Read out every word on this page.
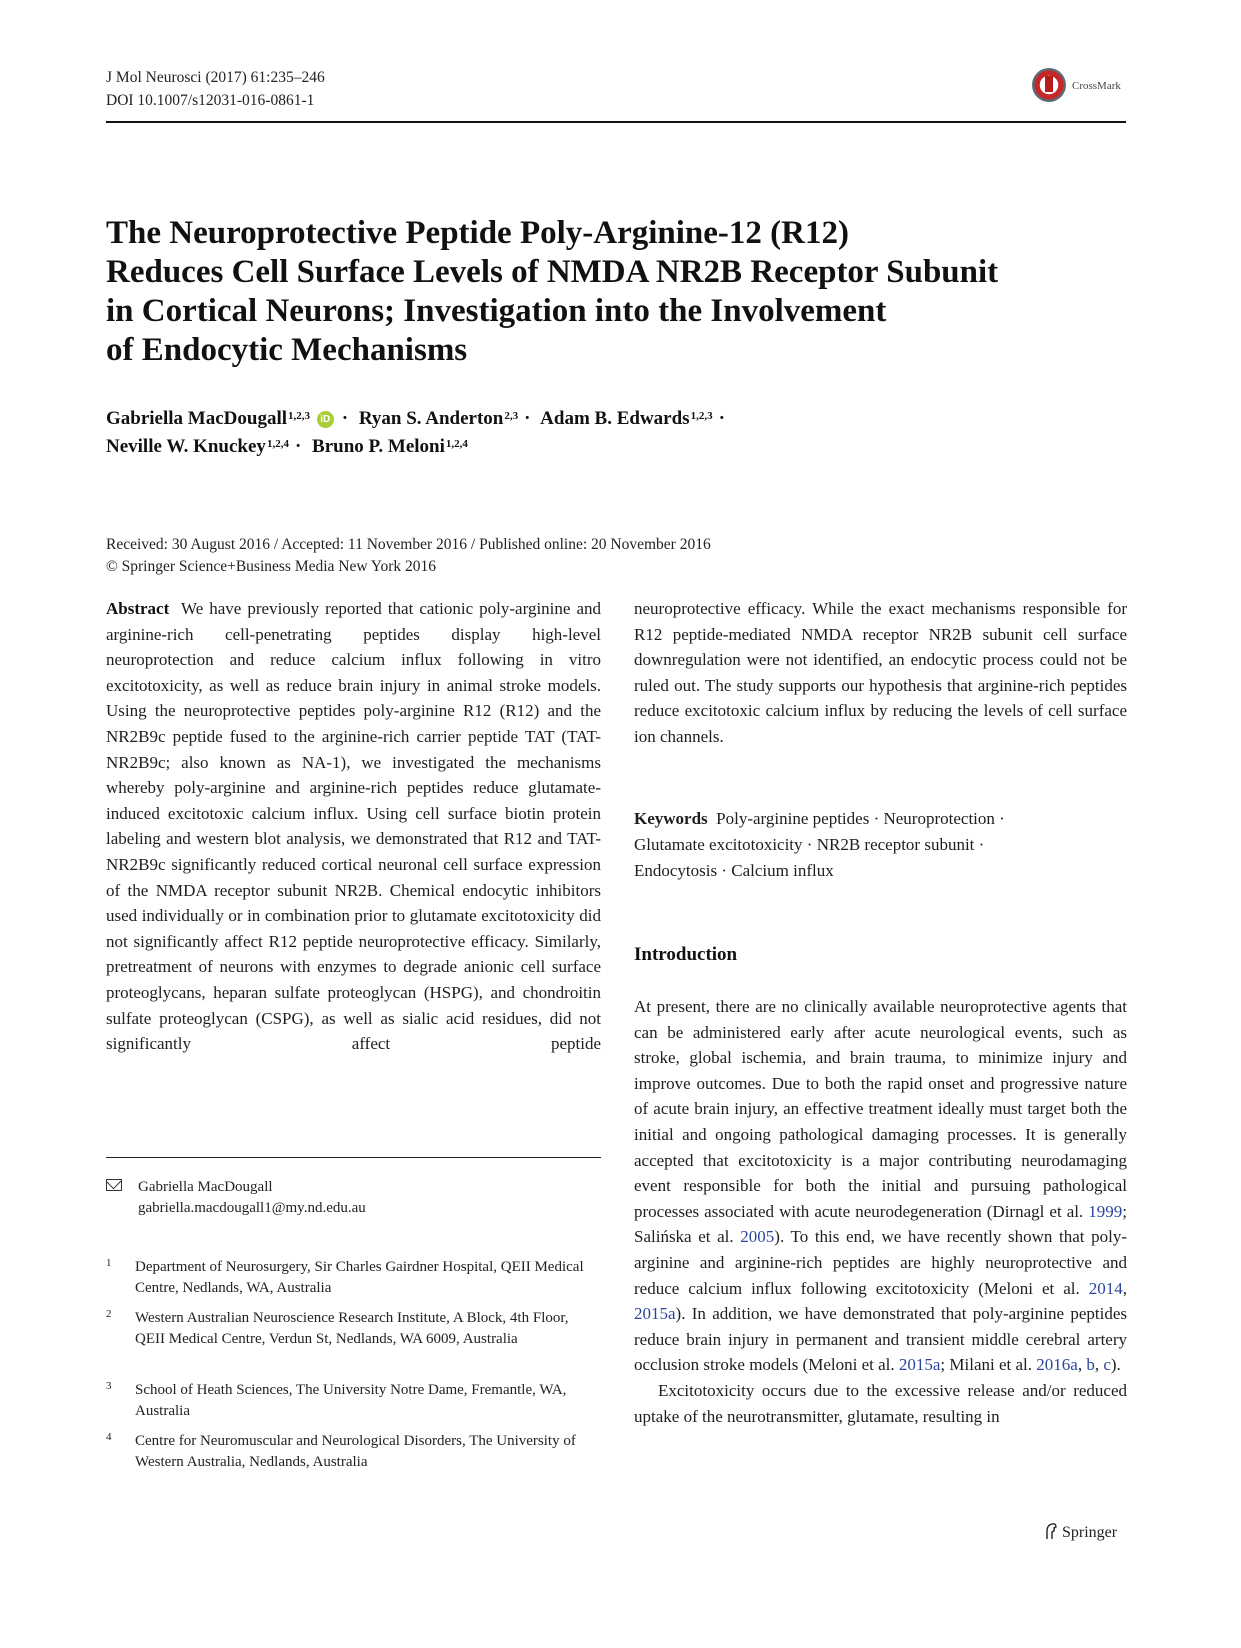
J Mol Neurosci (2017) 61:235–246
DOI 10.1007/s12031-016-0861-1
CrossMark
The Neuroprotective Peptide Poly-Arginine-12 (R12)
Reduces Cell Surface Levels of NMDA NR2B Receptor Subunit
in Cortical Neurons; Investigation into the Involvement
of Endocytic Mechanisms
Gabriella MacDougall$^{1,2,3}$ iD · Ryan S. Anderton$^{2,3}$ · Adam B. Edwards$^{1,2,3}$ ·
Neville W. Knuckey$^{1,2,4}$ · Bruno P. Meloni$^{1,2,4}$
Received: 30 August 2016 / Accepted: 11 November 2016 / Published online: 20 November 2016
© Springer Science+Business Media New York 2016

Abstract We have previously reported that cationic poly-arginine and arginine-rich cell-penetrating peptides display high-level neuroprotection and reduce calcium influx following in vitro excitotoxicity, as well as reduce brain injury in animal stroke models. Using the neuroprotective peptides poly-arginine R12 (R12) and the NR2B9c peptide fused to the arginine-rich carrier peptide TAT (TAT-NR2B9c; also known as NA-1), we investigated the mechanisms whereby poly-arginine and arginine-rich peptides reduce glutamate-induced excitotoxic calcium influx. Using cell surface biotin protein labeling and western blot analysis, we demonstrated that R12 and TAT-NR2B9c significantly reduced cortical neuronal cell surface expression of the NMDA receptor subunit NR2B. Chemical endocytic inhibitors used individually or in combination prior to glutamate excitotoxicity did not significantly affect R12 peptide neuroprotective efficacy. Similarly, pretreatment of neurons with enzymes to degrade anionic cell surface proteoglycans, heparan sulfate proteoglycan (HSPG), and chondroitin sulfate proteoglycan (CSPG), as well as sialic acid residues, did not significantly affect peptide

neuroprotective efficacy. While the exact mechanisms responsible for R12 peptide-mediated NMDA receptor NR2B subunit cell surface downregulation were not identified, an endocytic process could not be ruled out. The study supports our hypothesis that arginine-rich peptides reduce excitotoxic calcium influx by reducing the levels of cell surface ion channels.

Keywords Poly-arginine peptides · Neuroprotection ·
Glutamate excitotoxicity · NR2B receptor subunit ·
Endocytosis · Calcium influx
Introduction

At present, there are no clinically available neuroprotective agents that can be administered early after acute neurological events, such as stroke, global ischemia, and brain trauma, to minimize injury and improve outcomes. Due to both the rapid onset and progressive nature of acute brain injury, an effective treatment ideally must target both the initial and ongoing pathological damaging processes. It is generally accepted that excitotoxicity is a major contributing neurodamaging event responsible for both the initial and pursuing pathological processes associated with acute neurodegeneration (Dirnagl et al. 1999; Salińska et al. 2005). To this end, we have recently shown that poly-arginine and arginine-rich peptides are highly neuroprotective and reduce calcium influx following excitotoxicity (Meloni et al. 2014, 2015a). In addition, we have demonstrated that poly-arginine peptides reduce brain injury in permanent and transient middle cerebral artery occlusion stroke models (Meloni et al. 2015a; Milani et al. 2016a, b, c).

Excitotoxicity occurs due to the excessive release and/or reduced uptake of the neurotransmitter, glutamate, resulting in

Gabriella MacDougall
gabriella.macdougall1@my.nd.edu.au
1 Department of Neurosurgery, Sir Charles Gairdner Hospital, QEII Medical Centre, Nedlands, WA, Australia
2 Western Australian Neuroscience Research Institute, A Block, 4th Floor, QEII Medical Centre, Verdun St, Nedlands, WA 6009, Australia
3 School of Heath Sciences, The University Notre Dame, Fremantle, WA, Australia
4 Centre for Neuromuscular and Neurological Disorders, The University of Western Australia, Nedlands, Australia
Springer
